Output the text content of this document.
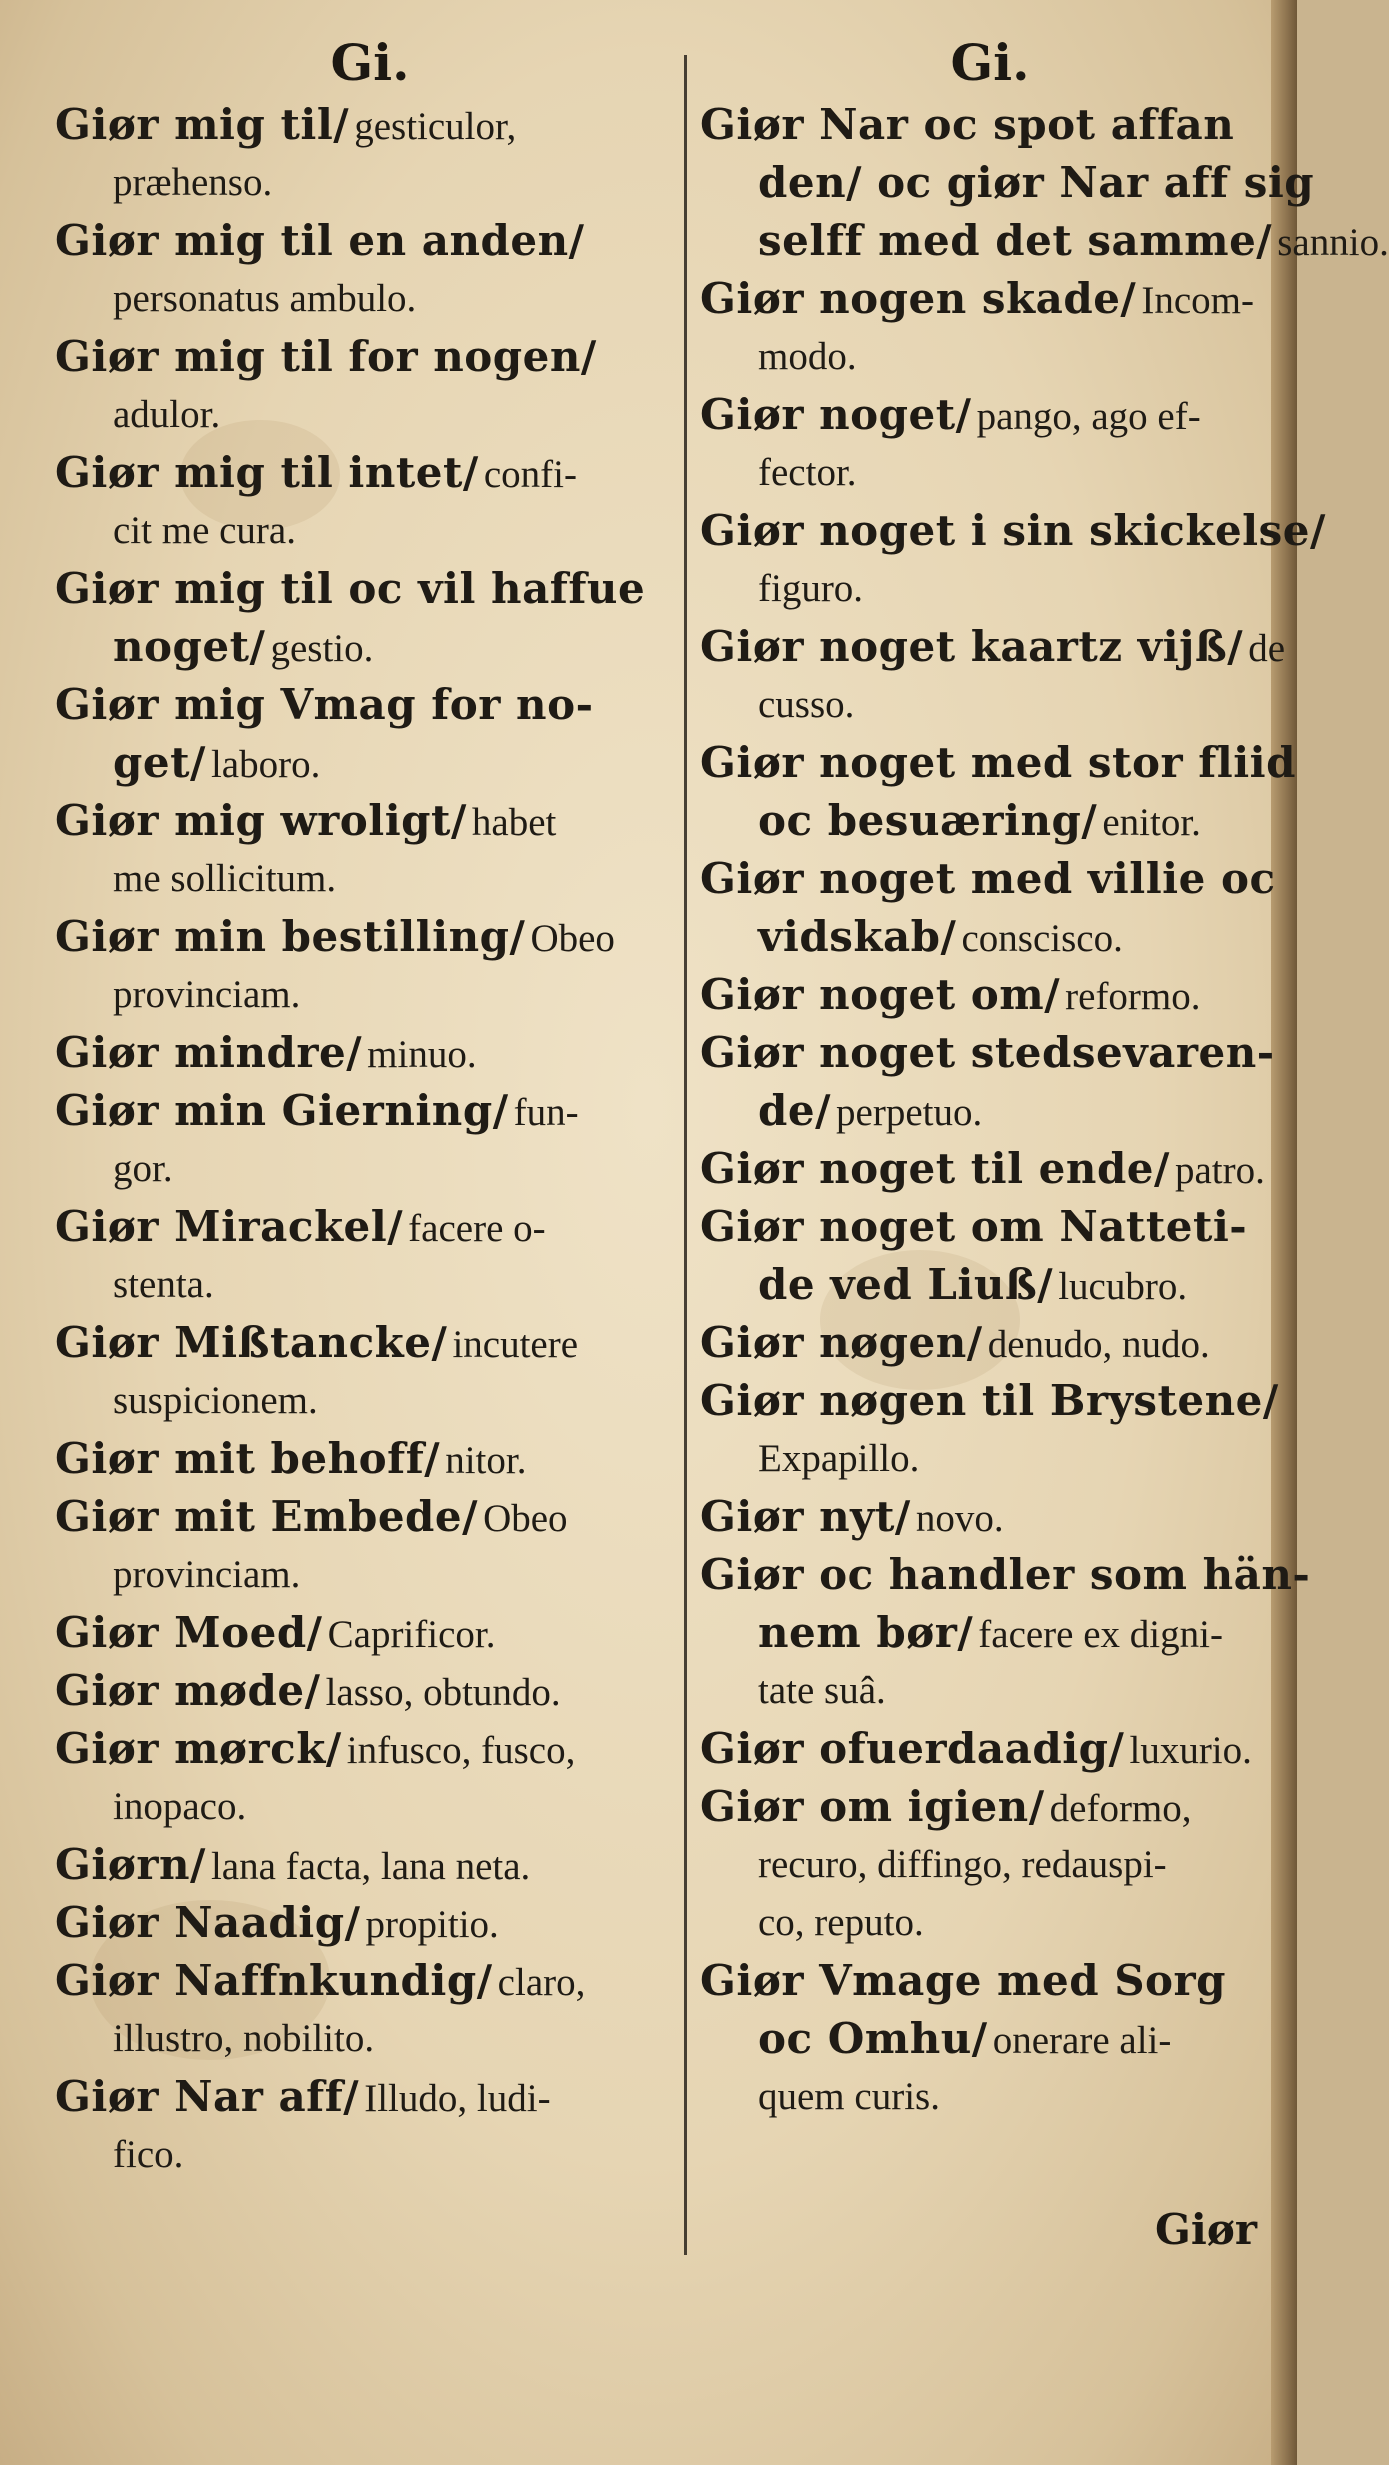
Gi.

Giør mig til/ gesticulor,

præhenso.

Giør mig til en anden/

personatus ambulo.

Giør mig til for nogen/

adulor.

Giør mig til intet/ confi-

cit me cura.

Giør mig til oc vil haffue

noget/ gestio.

Giør mig Vmag for no-

get/ laboro.

Giør mig wroligt/ habet

me sollicitum.

Giør min bestilling/ Obeo

provinciam.

Giør mindre/ minuo.

Giør min Gierning/ fun-

gor.

Giør Mirackel/ facere o-

stenta.

Giør Mißtancke/ incutere

suspicionem.

Giør mit behoff/ nitor.

Giør mit Embede/ Obeo

provinciam.

Giør Moed/ Caprificor.

Giør møde/ lasso, obtundo.

Giør mørck/ infusco, fusco,

inopaco.

Giørn/ lana facta, lana neta.

Giør Naadig/ propitio.

Giør Naffnkundig/ claro,

illustro, nobilito.

Giør Nar aff/ Illudo, ludi-

fico.

Gi.

Giør Nar oc spot affan

den/ oc giør Nar aff sig

selff med det samme/ sannio.

Giør nogen skade/ Incom-

modo.

Giør noget/ pango, ago ef-

fector.

Giør noget i sin skickelse/

figuro.

Giør noget kaartz vijß/ de

cusso.

Giør noget med stor fliid

oc besuæring/ enitor.

Giør noget med villie oc

vidskab/ conscisco.

Giør noget om/ reformo.

Giør noget stedsevaren-

de/ perpetuo.

Giør noget til ende/ patro.

Giør noget om Natteti-

de ved Liuß/ lucubro.

Giør nøgen/ denudo, nudo.

Giør nøgen til Brystene/

Expapillo.

Giør nyt/ novo.

Giør oc handler som hän-

nem bør/ facere ex digni-

tate suâ.

Giør ofuerdaadig/ luxurio.

Giør om igien/ deformo,

recuro, diffingo, redauspi-

co, reputo.

Giør Vmage med Sorg

oc Omhu/ onerare ali-

quem curis.

Giør
